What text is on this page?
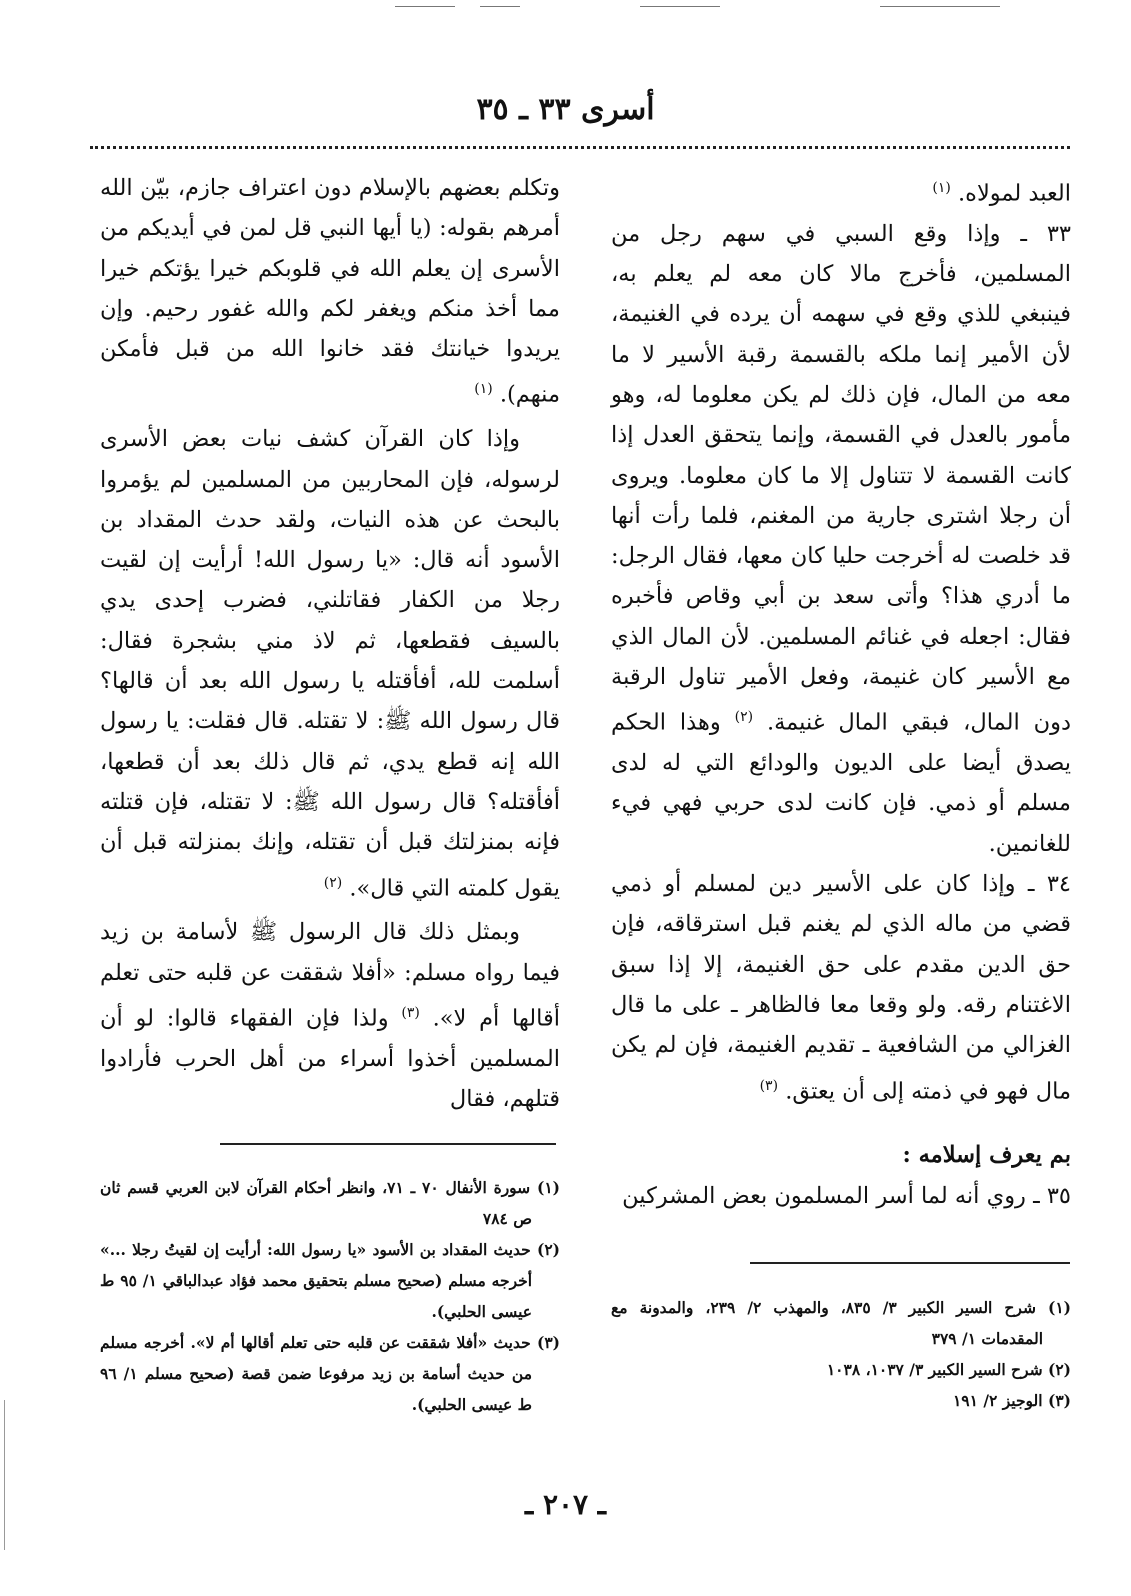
أسرى ٣٣ ـ ٣٥

العبد لمولاه. $^{(١)}$

٣٣ ـ وإذا وقع السبي في سهم رجل من المسلمين، فأخرج مالا كان معه لم يعلم به، فينبغي للذي وقع في سهمه أن يرده في الغنيمة، لأن الأمير إنما ملكه بالقسمة رقبة الأسير لا ما معه من المال، فإن ذلك لم يكن معلوما له، وهو مأمور بالعدل في القسمة، وإنما يتحقق العدل إذا كانت القسمة لا تتناول إلا ما كان معلوما. ويروى أن رجلا اشترى جارية من المغنم، فلما رأت أنها قد خلصت له أخرجت حليا كان معها، فقال الرجل: ما أدري هذا؟ وأتى سعد بن أبي وقاص فأخبره فقال: اجعله في غنائم المسلمين. لأن المال الذي مع الأسير كان غنيمة، وفعل الأمير تناول الرقبة دون المال، فبقي المال غنيمة. $^{(٢)}$ وهذا الحكم يصدق أيضا على الديون والودائع التي له لدى مسلم أو ذمي. فإن كانت لدى حربي فهي فيء للغانمين.

٣٤ ـ وإذا كان على الأسير دين لمسلم أو ذمي قضي من ماله الذي لم يغنم قبل استرقاقه، فإن حق الدين مقدم على حق الغنيمة، إلا إذا سبق الاغتنام رقه. ولو وقعا معا فالظاهر ـ على ما قال الغزالي من الشافعية ـ تقديم الغنيمة، فإن لم يكن مال فهو في ذمته إلى أن يعتق. $^{(٣)}$

بم يعرف إسلامه :

٣٥ ـ روي أنه لما أسر المسلمون بعض المشركين

وتكلم بعضهم بالإسلام دون اعتراف جازم، بيّن الله أمرهم بقوله: (يا أيها النبي قل لمن في أيديكم من الأسرى إن يعلم الله في قلوبكم خيرا يؤتكم خيرا مما أخذ منكم ويغفر لكم والله غفور رحيم. وإن يريدوا خيانتك فقد خانوا الله من قبل فأمكن منهم). $^{(١)}$

وإذا كان القرآن كشف نيات بعض الأسرى لرسوله، فإن المحاربين من المسلمين لم يؤمروا بالبحث عن هذه النيات، ولقد حدث المقداد بن الأسود أنه قال: «يا رسول الله! أرأيت إن لقيت رجلا من الكفار فقاتلني، فضرب إحدى يدي بالسيف فقطعها، ثم لاذ مني بشجرة فقال: أسلمت لله، أفأقتله يا رسول الله بعد أن قالها؟ قال رسول الله ﷺ: لا تقتله. قال فقلت: يا رسول الله إنه قطع يدي، ثم قال ذلك بعد أن قطعها، أفأقتله؟ قال رسول الله ﷺ: لا تقتله، فإن قتلته فإنه بمنزلتك قبل أن تقتله، وإنك بمنزلته قبل أن يقول كلمته التي قال». $^{(٢)}$

وبمثل ذلك قال الرسول ﷺ لأسامة بن زيد فيما رواه مسلم: «أفلا شققت عن قلبه حتى تعلم أقالها أم لا». $^{(٣)}$ ولذا فإن الفقهاء قالوا: لو أن المسلمين أخذوا أسراء من أهل الحرب فأرادوا قتلهم، فقال

(١) سورة الأنفال ٧٠ ـ ٧١، وانظر أحكام القرآن لابن العربي قسم ثان ص ٧٨٤

(٢) حديث المقداد بن الأسود «يا رسول الله: أرأيت إن لقيتُ رجلا ...» أخرجه مسلم (صحيح مسلم بتحقيق محمد فؤاد عبدالباقي ١/ ٩٥ ط عيسى الحلبي).

(٣) حديث «أفلا شققت عن قلبه حتى تعلم أقالها أم لا». أخرجه مسلم من حديث أسامة بن زيد مرفوعا ضمن قصة (صحيح مسلم ١/ ٩٦ ط عيسى الحلبي).

(١) شرح السير الكبير ٣/ ٨٣٥، والمهذب ٢/ ٢٣٩، والمدونة مع المقدمات ١/ ٣٧٩

(٢) شرح السير الكبير ٣/ ١٠٣٧، ١٠٣٨

(٣) الوجيز ٢/ ١٩١

ـ ٢٠٧ ـ
